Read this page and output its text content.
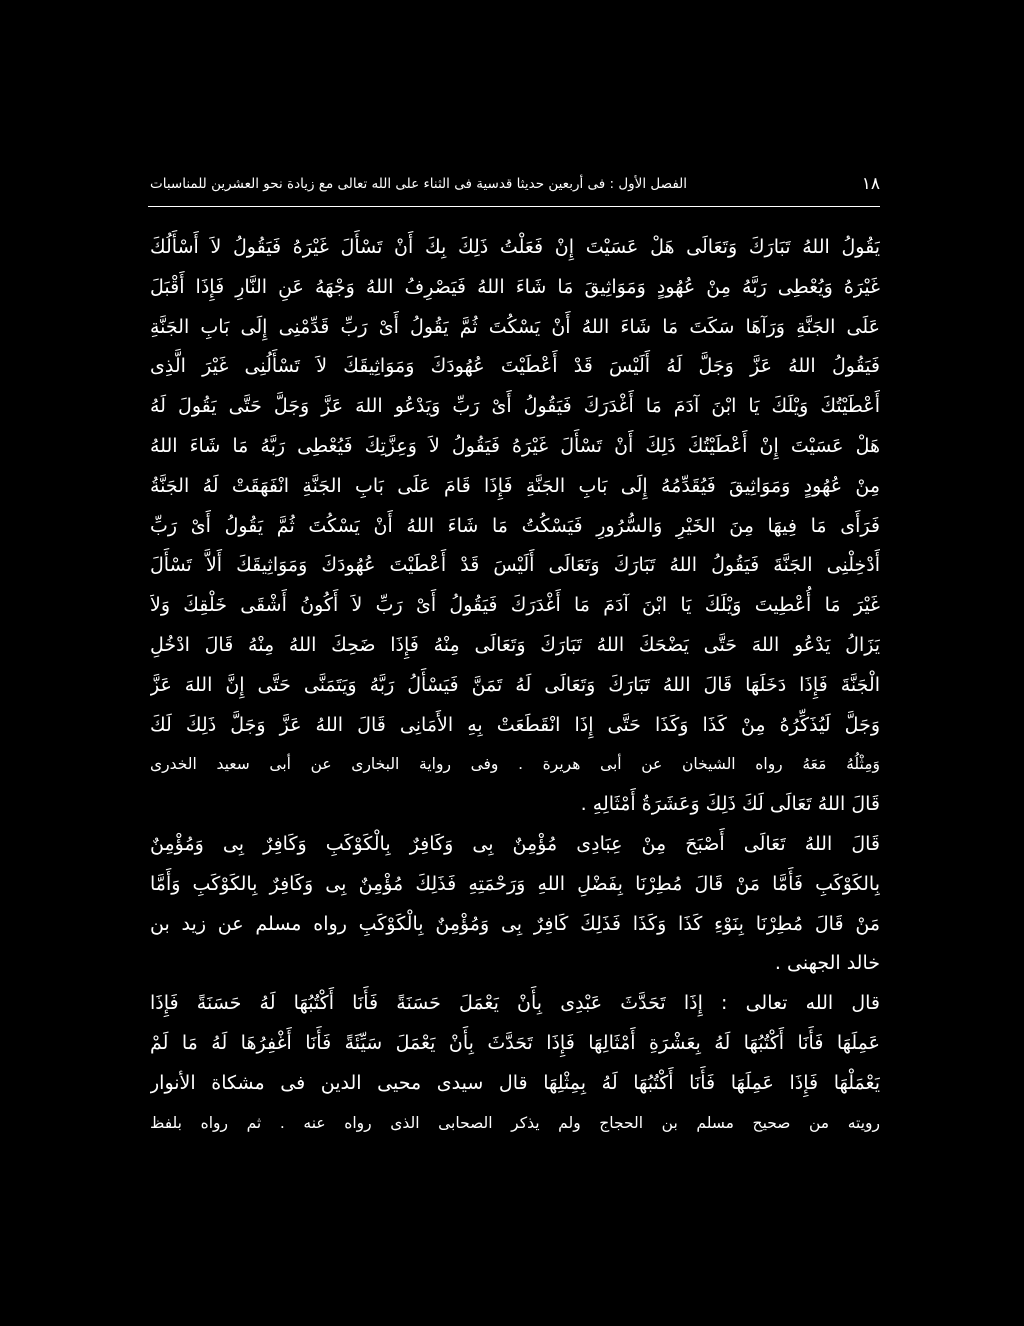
١٨
الفصل الأول : فى أربعين حديثا قدسية فى الثناء على الله تعالى مع زيادة نحو العشرين للمناسبات
يَقُولُ اللهُ تَبَارَكَ وَتَعَالَى هَلْ عَسَيْتَ إِنْ فَعَلْتُ ذَلِكَ بِكَ أَنْ تَسْأَلَ غَيْرَهُ فَيَقُولُ لاَ أَسْأَلُكَ
غَيْرَهُ وَيُعْطِى رَبَّهُ مِنْ عُهُودٍ وَمَوَاثِيقَ مَا شَاءَ اللهُ فَيَصْرِفُ اللهُ وَجْهَهُ عَنِ النَّارِ فَإِذَا أَقْبَلَ
عَلَى الجَنَّةِ وَرَآهَا سَكَتَ مَا شَاءَ اللهُ أَنْ يَسْكُتَ ثُمَّ يَقُولُ أَىْ رَبِّ قَدِّمْنِى إِلَى بَابِ الجَنَّةِ
فَيَقُولُ اللهُ عَزَّ وَجَلَّ لَهُ أَلَيْسَ قَدْ أَعْطَيْتَ عُهُودَكَ وَمَوَاثِيقَكَ لاَ تَسْأَلُنِى غَيْرَ الَّذِى
أَعْطَيْتُكَ وَيْلَكَ يَا ابْنَ آدَمَ مَا أَغْدَرَكَ فَيَقُولُ أَىْ رَبِّ وَيَدْعُو اللهَ عَزَّ وَجَلَّ حَتَّى يَقُولَ لَهُ
هَلْ عَسَيْتَ إِنْ أَعْطَيْتُكَ ذَلِكَ أَنْ تَسْأَلَ غَيْرَهُ فَيَقُولُ لاَ وَعِزَّتِكَ فَيُعْطِى رَبَّهُ مَا شَاءَ اللهُ
مِنْ عُهُودٍ وَمَوَاثِيقَ فَيُقَدِّمُهُ إِلَى بَابِ الجَنَّةِ فَإِذَا قَامَ عَلَى بَابِ الجَنَّةِ انْفَهَقَتْ لَهُ الجَنَّةُ
فَرَأَى مَا فِيهَا مِنَ الخَيْرِ وَالسُّرُورِ فَيَسْكُتُ مَا شَاءَ اللهُ أَنْ يَسْكُتَ ثُمَّ يَقُولُ أَىْ رَبِّ
أَدْخِلْنِى الجَنَّةَ فَيَقُولُ اللهُ تَبَارَكَ وَتَعَالَى أَلَيْسَ قَدْ أَعْطَيْتَ عُهُودَكَ وَمَوَاثِيقَكَ أَلاَّ تَسْأَلَ
غَيْرَ مَا أُعْطِيتَ وَيْلَكَ يَا ابْنَ آدَمَ مَا أَغْدَرَكَ فَيَقُولُ أَىْ رَبِّ لاَ أَكُونُ أَشْقَى خَلْقِكَ وَلاَ
يَزَالُ يَدْعُو اللهَ حَتَّى يَضْحَكَ اللهُ تَبَارَكَ وَتَعَالَى مِنْهُ فَإِذَا ضَحِكَ اللهُ مِنْهُ قَالَ ادْخُلِ
الْجَنَّةَ فَإِذَا دَخَلَهَا قَالَ اللهُ تَبَارَكَ وَتَعَالَى لَهُ تَمَنَّ فَيَسْأَلُ رَبَّهُ وَيَتَمَنَّى حَتَّى إِنَّ اللهَ عَزَّ
وَجَلَّ لَيُذَكِّرُهُ مِنْ كَذَا وَكَذَا حَتَّى إِذَا انْقَطَعَتْ بِهِ الأَمَانِى قَالَ اللهُ عَزَّ وَجَلَّ ذَلِكَ لَكَ
وَمِثْلُهُ مَعَهُ رواه الشيخان عن أبى هريرة . وفى رواية البخارى عن أبى سعيد الخدرى
قَالَ اللهُ تَعَالَى لَكَ ذَلِكَ وَعَشَرَةُ أَمْثَالِهِ .
قَالَ اللهُ تَعَالَى أَصْبَحَ مِنْ عِبَادِى مُؤْمِنٌ بِى وَكَافِرٌ بِالْكَوْكَبِ وَكَافِرٌ بِى وَمُؤْمِنٌ
بِالكَوْكَبِ فَأَمَّا مَنْ قَالَ مُطِرْنَا بِفَضْلِ اللهِ وَرَحْمَتِهِ فَذَلِكَ مُؤْمِنٌ بِى وَكَافِرٌ بِالكَوْكَبِ وَأَمَّا
مَنْ قَالَ مُطِرْنَا بِنَوْءِ كَذَا وَكَذَا فَذَلِكَ كَافِرٌ بِى وَمُؤْمِنٌ بِالْكَوْكَبِ رواه مسلم عن زيد بن
خالد الجهنى .
قال الله تعالى : إِذَا تَحَدَّثَ عَبْدِى بِأَنْ يَعْمَلَ حَسَنَةً فَأَنَا أَكْتُبُهَا لَهُ حَسَنَةً فَإِذَا
عَمِلَهَا فَأَنَا أَكْتُبُهَا لَهُ بِعَشْرَةِ أَمْثَالِهَا فَإِذَا تَحَدَّثَ بِأَنْ يَعْمَلَ سَيِّئَةً فَأَنَا أَغْفِرُهَا لَهُ مَا لَمْ
يَعْمَلْهَا فَإِذَا عَمِلَهَا فَأَنَا أَكْتُبُهَا لَهُ بِمِثْلِهَا قال سيدى محيى الدين فى مشكاة الأنوار
رويته من صحيح مسلم بن الحجاج ولم يذكر الصحابى الذى رواه عنه . ثم رواه بلفظ
